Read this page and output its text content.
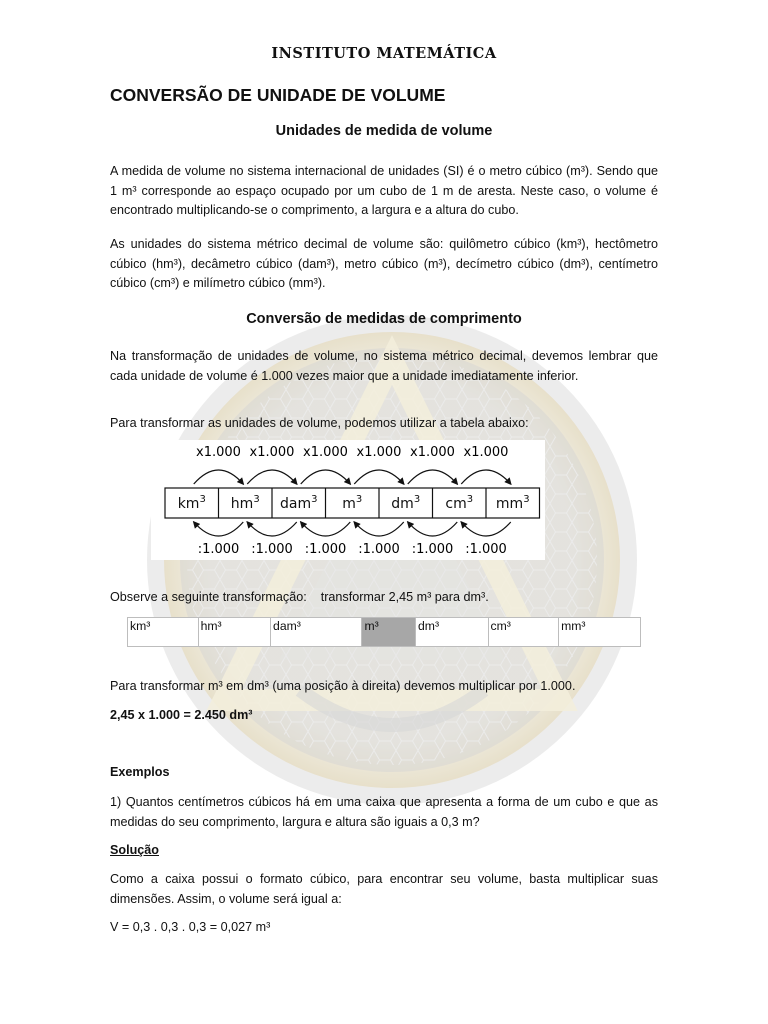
INSTITUTO MATEMÁTICA
CONVERSÃO DE UNIDADE DE VOLUME
Unidades de medida de volume

A medida de volume no sistema internacional de unidades (SI) é o metro cúbico (m³). Sendo que 1 m³ corresponde ao espaço ocupado por um cubo de 1 m de aresta. Neste caso, o volume é encontrado multiplicando-se o comprimento, a largura e a altura do cubo.

As unidades do sistema métrico decimal de volume são: quilômetro cúbico (km³), hectômetro cúbico (hm³), decâmetro cúbico (dam³), metro cúbico (m³), decímetro cúbico (dm³), centímetro cúbico (cm³) e milímetro cúbico (mm³).

Conversão de medidas de comprimento

Na transformação de unidades de volume, no sistema métrico decimal, devemos lembrar que cada unidade de volume é 1.000 vezes maior que a unidade imediatamente inferior.

Para transformar as unidades de volume, podemos utilizar a tabela abaixo:

Observe a seguinte transformação: transformar 2,45 m³ para dm³.

Para transformar m³ em dm³ (uma posição à direita) devemos multiplicar por 1.000.

2,45 x 1.000 = 2.450 dm³

Exemplos

1) Quantos centímetros cúbicos há em uma caixa que apresenta a forma de um cubo e que as medidas do seu comprimento, largura e altura são iguais a 0,3 m?

Solução

Como a caixa possui o formato cúbico, para encontrar seu volume, basta multiplicar suas dimensões. Assim, o volume será igual a:

V = 0,3 . 0,3 . 0,3 = 0,027 m³

$km^3$ $hm^3$ dam$^3$ $m^3$ $dm^3$ $cm^3$ $mm^3$
x1.000
:1.000
x1.000
:1.000
x1.000
:1.000
x1.000
:1.000
x1.000
:1.000
x1.000
:1.000
km³	hm³	dam³	m³	dm³	cm³	mm³
